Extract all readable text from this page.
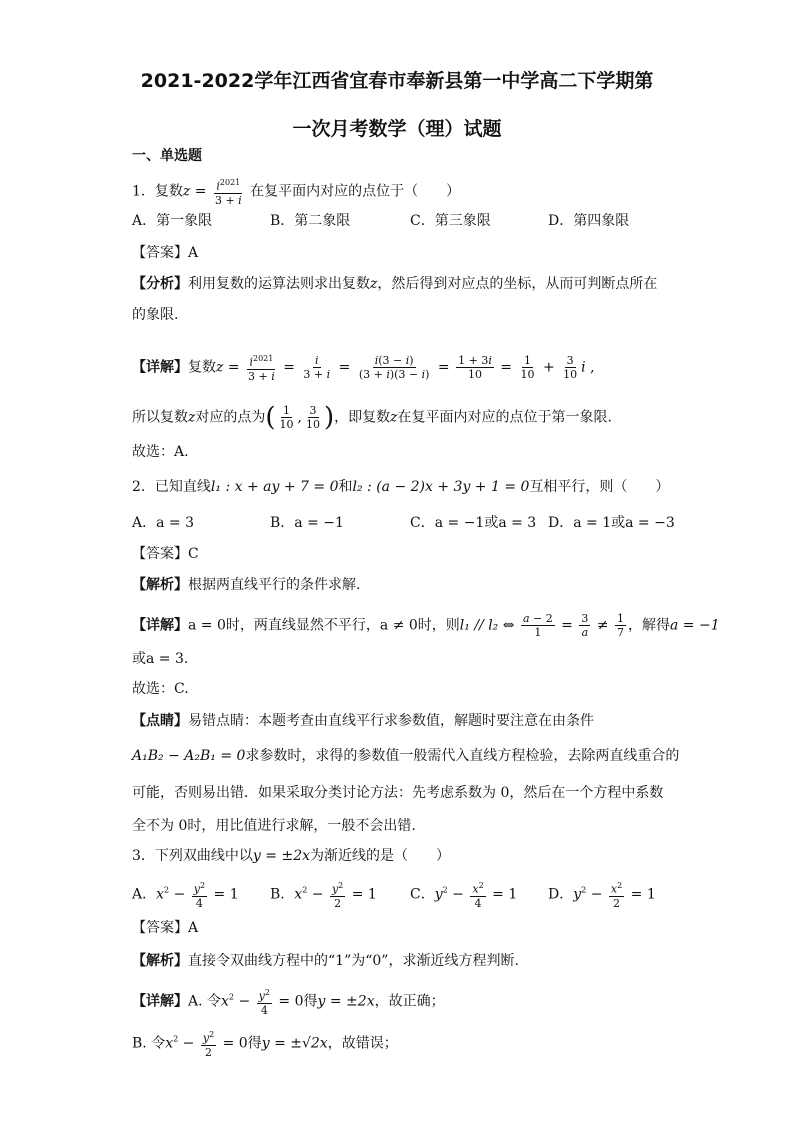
2021-2022学年江西省宜春市奉新县第一中学高二下学期第
一次月考数学（理）试题
一、单选题
1．复数$z = \frac{i^{2021}}{3 + i}$ 在复平面内对应的点位于（　　）
A．第一象限	B．第二象限	C．第三象限	D．第四象限
【答案】A
【分析】利用复数的运算法则求出复数z，然后得到对应点的坐标，从而可判断点所在
的象限.
【详解】复数$z = \frac{i^{2021}}{3 + i} = \frac{i}{3 + i} = \frac{i(3 - i)}{(3 + i)(3 - i)} = \frac{1 + 3i}{10} = \frac{1}{10} + \frac{3}{10}$ i ,
所以复数z对应的点为( $\frac{1}{10}$ , $\frac{3}{10}$ )，即复数z在复平面内对应的点位于第一象限.
故选：A.
2．已知直线l₁ : x + ay + 7 = 0和l₂ : (a − 2)x + 3y + 1 = 0互相平行，则（　　）
A．a = 3	B．a = −1	C．a = −1或a = 3 D．a = 1或a = −3
【答案】C
【解析】根据两直线平行的条件求解.
【详解】a = 0时，两直线显然不平行，a ≠ 0时，则l₁ // l₂ ⇔ $\frac{a - 2}{1} = \frac{3}{a} \ne \frac{1}{7}$ ，解得a = −1
或a = 3.
故选：C.
【点睛】易错点睛：本题考查由直线平行求参数值，解题时要注意在由条件
A₁B₂ − A₂B₁ = 0求参数时，求得的参数值一般需代入直线方程检验，去除两直线重合的
可能，否则易出错．如果采取分类讨论方法：先考虑系数为 0，然后在一个方程中系数
全不为 0时，用比值进行求解，一般不会出错.
3．下列双曲线中以y = ±2x为渐近线的是（　　）
A．$x^2 - \frac{y^2}{4} = 1$ B．$x^2 - \frac{y^2}{2} = 1$ C．$y^2 - \frac{x^2}{4} = 1$ D．$y^2 - \frac{x^2}{2} = 1$
【答案】A
【解析】直接令双曲线方程中的“1”为“0”，求渐近线方程判断.
【详解】A. 令$x^2 - \frac{y^2}{4} = 0$得y = ±2x，故正确；
B. 令$x^2 - \frac{y^2}{2} = 0$得y = ±√2x，故错误；
